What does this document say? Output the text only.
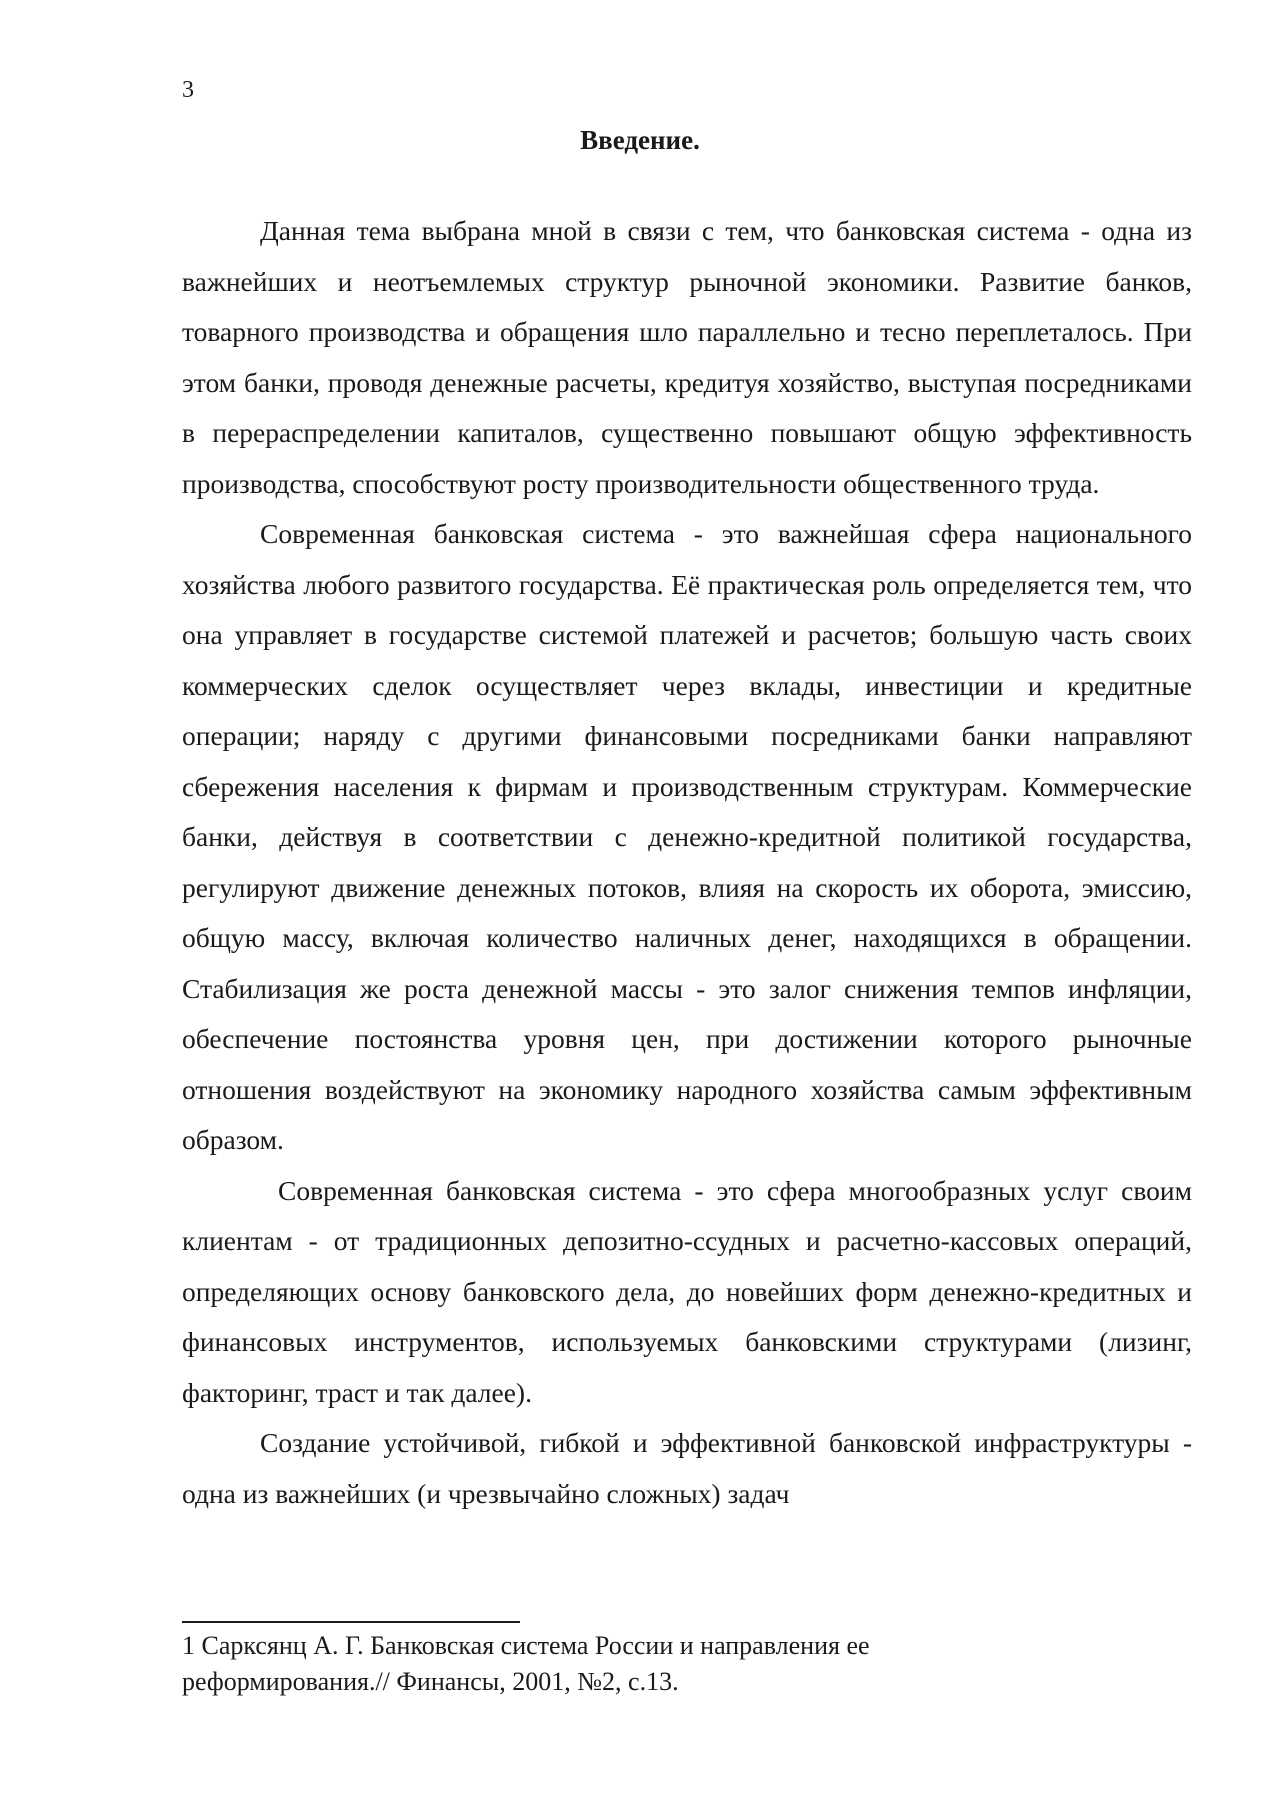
3
Введение.

Данная тема выбрана мной в связи с тем, что банковская система - одна из важнейших и неотъемлемых структур рыночной экономики. Развитие банков, товарного производства и обращения шло параллельно и тесно переплеталось. При этом банки, проводя денежные расчеты, кредитуя хозяйство, выступая посредниками в перераспределении капиталов, существенно повышают общую эффективность производства, способствуют росту производительности общественного труда.

Современная банковская система - это важнейшая сфера национального хозяйства любого развитого государства. Её практическая роль определяется тем, что она управляет в государстве системой платежей и расчетов; большую часть своих коммерческих сделок осуществляет через вклады, инвестиции и кредитные операции; наряду с другими финансовыми посредниками банки направляют сбережения населения к фирмам и производственным структурам. Коммерческие банки, действуя в соответствии с денежно-кредитной политикой государства, регулируют движение денежных потоков, влияя на скорость их оборота, эмиссию, общую массу, включая количество наличных денег, находящихся в обращении. Стабилизация же роста денежной массы - это залог снижения темпов инфляции, обеспечение постоянства уровня цен, при достижении которого рыночные отношения воздействуют на экономику народного хозяйства самым эффективным образом.

Современная банковская система - это сфера многообразных услуг своим клиентам - от традиционных депозитно-ссудных и расчетно-кассовых операций, определяющих основу банковского дела, до новейших форм денежно-кредитных и финансовых инструментов, используемых банковскими структурами (лизинг, факторинг, траст и так далее).

Создание устойчивой, гибкой и эффективной банковской инфраструктуры - одна из важнейших (и чрезвычайно сложных) задач

1 Сарксянц А. Г. Банковская система России и направления ее реформирования.// Финансы, 2001, №2, с.13.
